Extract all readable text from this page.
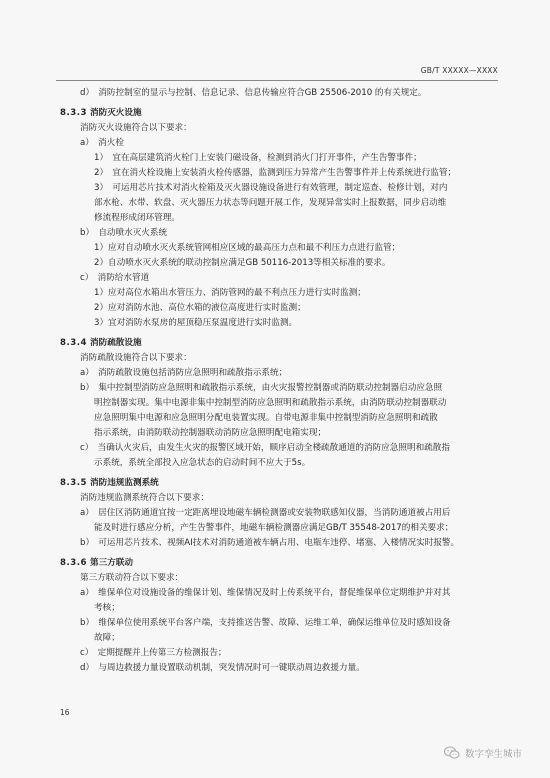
GB/T XXXXX—XXXX
d）　消防控制室的显示与控制、信息记录、信息传输应符合GB 25506-2010 的有关规定。
8.3.3 消防灭火设施
消防灭火设施符合以下要求：
a）　消火栓
1）　宜在高层建筑消火栓门上安装门磁设备，检测到消火门打开事件，产生告警事件；
2）　宜在消火栓设施上安装消火栓传感器，监测到压力异常产生告警事件并上传系统进行监管；
3）　可运用芯片技术对消火栓箱及灭火器设施设备进行有效管理，制定巡查、检修计划，对内
部水枪、水带、软盘、灭火器压力状态等问题开展工作，发现异常实时上报数据，同步启动维
修流程形成闭环管理。
b）　自动喷水灭火系统
1）应对自动喷水灭火系统管网相应区域的最高压力点和最不利压力点进行监管；
2）自动喷水灭火系统的联动控制应满足GB 50116-2013等相关标准的要求。
c）　消防给水管道
1）应对高位水箱出水管压力、消防管网的最不利点压力进行实时监测；
2）应对消防水池、高位水箱的液位高度进行实时监测；
3）宜对消防水泵房的屋顶稳压泵温度进行实时监测。
8.3.4 消防疏散设施
消防疏散设施符合以下要求：
a）　消防疏散设施包括消防应急照明和疏散指示系统；
b）　集中控制型消防应急照明和疏散指示系统，由火灾报警控制器或消防联动控制器启动应急照
明控制器实现。集中电源非集中控制型消防应急照明和疏散指示系统，由消防联动控制器联动
应急照明集中电源和应急照明分配电装置实现。自带电源非集中控制型消防应急照明和疏散
指示系统，由消防联动控制器联动消防应急照明配电箱实现；
c）　当确认火灾后，由发生火灾的报警区域开始，顺序启动全楼疏散通道的消防应急照明和疏散指
示系统，系统全部投入应急状态的启动时间不应大于5s。
8.3.5 消防违规监测系统
消防违规监测系统符合以下要求：
a）　居住区消防通道宜按一定距离埋设地磁车辆检测器或安装物联感知仪器，当消防通道被占用后
能及时进行感应分析，产生告警事件，地磁车辆检测器应满足GB/T 35548-2017的相关要求；
b）　可运用芯片技术、视频AI技术对消防通道被车辆占用、电瓶车违停、堵塞、入楼情况实时报警。
8.3.6 第三方联动
第三方联动符合以下要求：
a）　维保单位对设施设备的维保计划、维保情况及时上传系统平台，督促维保单位定期维护并对其
考核；
b）　维保单位使用系统平台客户端，支持推送告警、故障、运维工单，确保运维单位及时感知设备
故障；
c）　定期提醒并上传第三方检测报告；
d）　与周边救援力量设置联动机制，突发情况时可一键联动周边救援力量。
16
数字孪生城市
